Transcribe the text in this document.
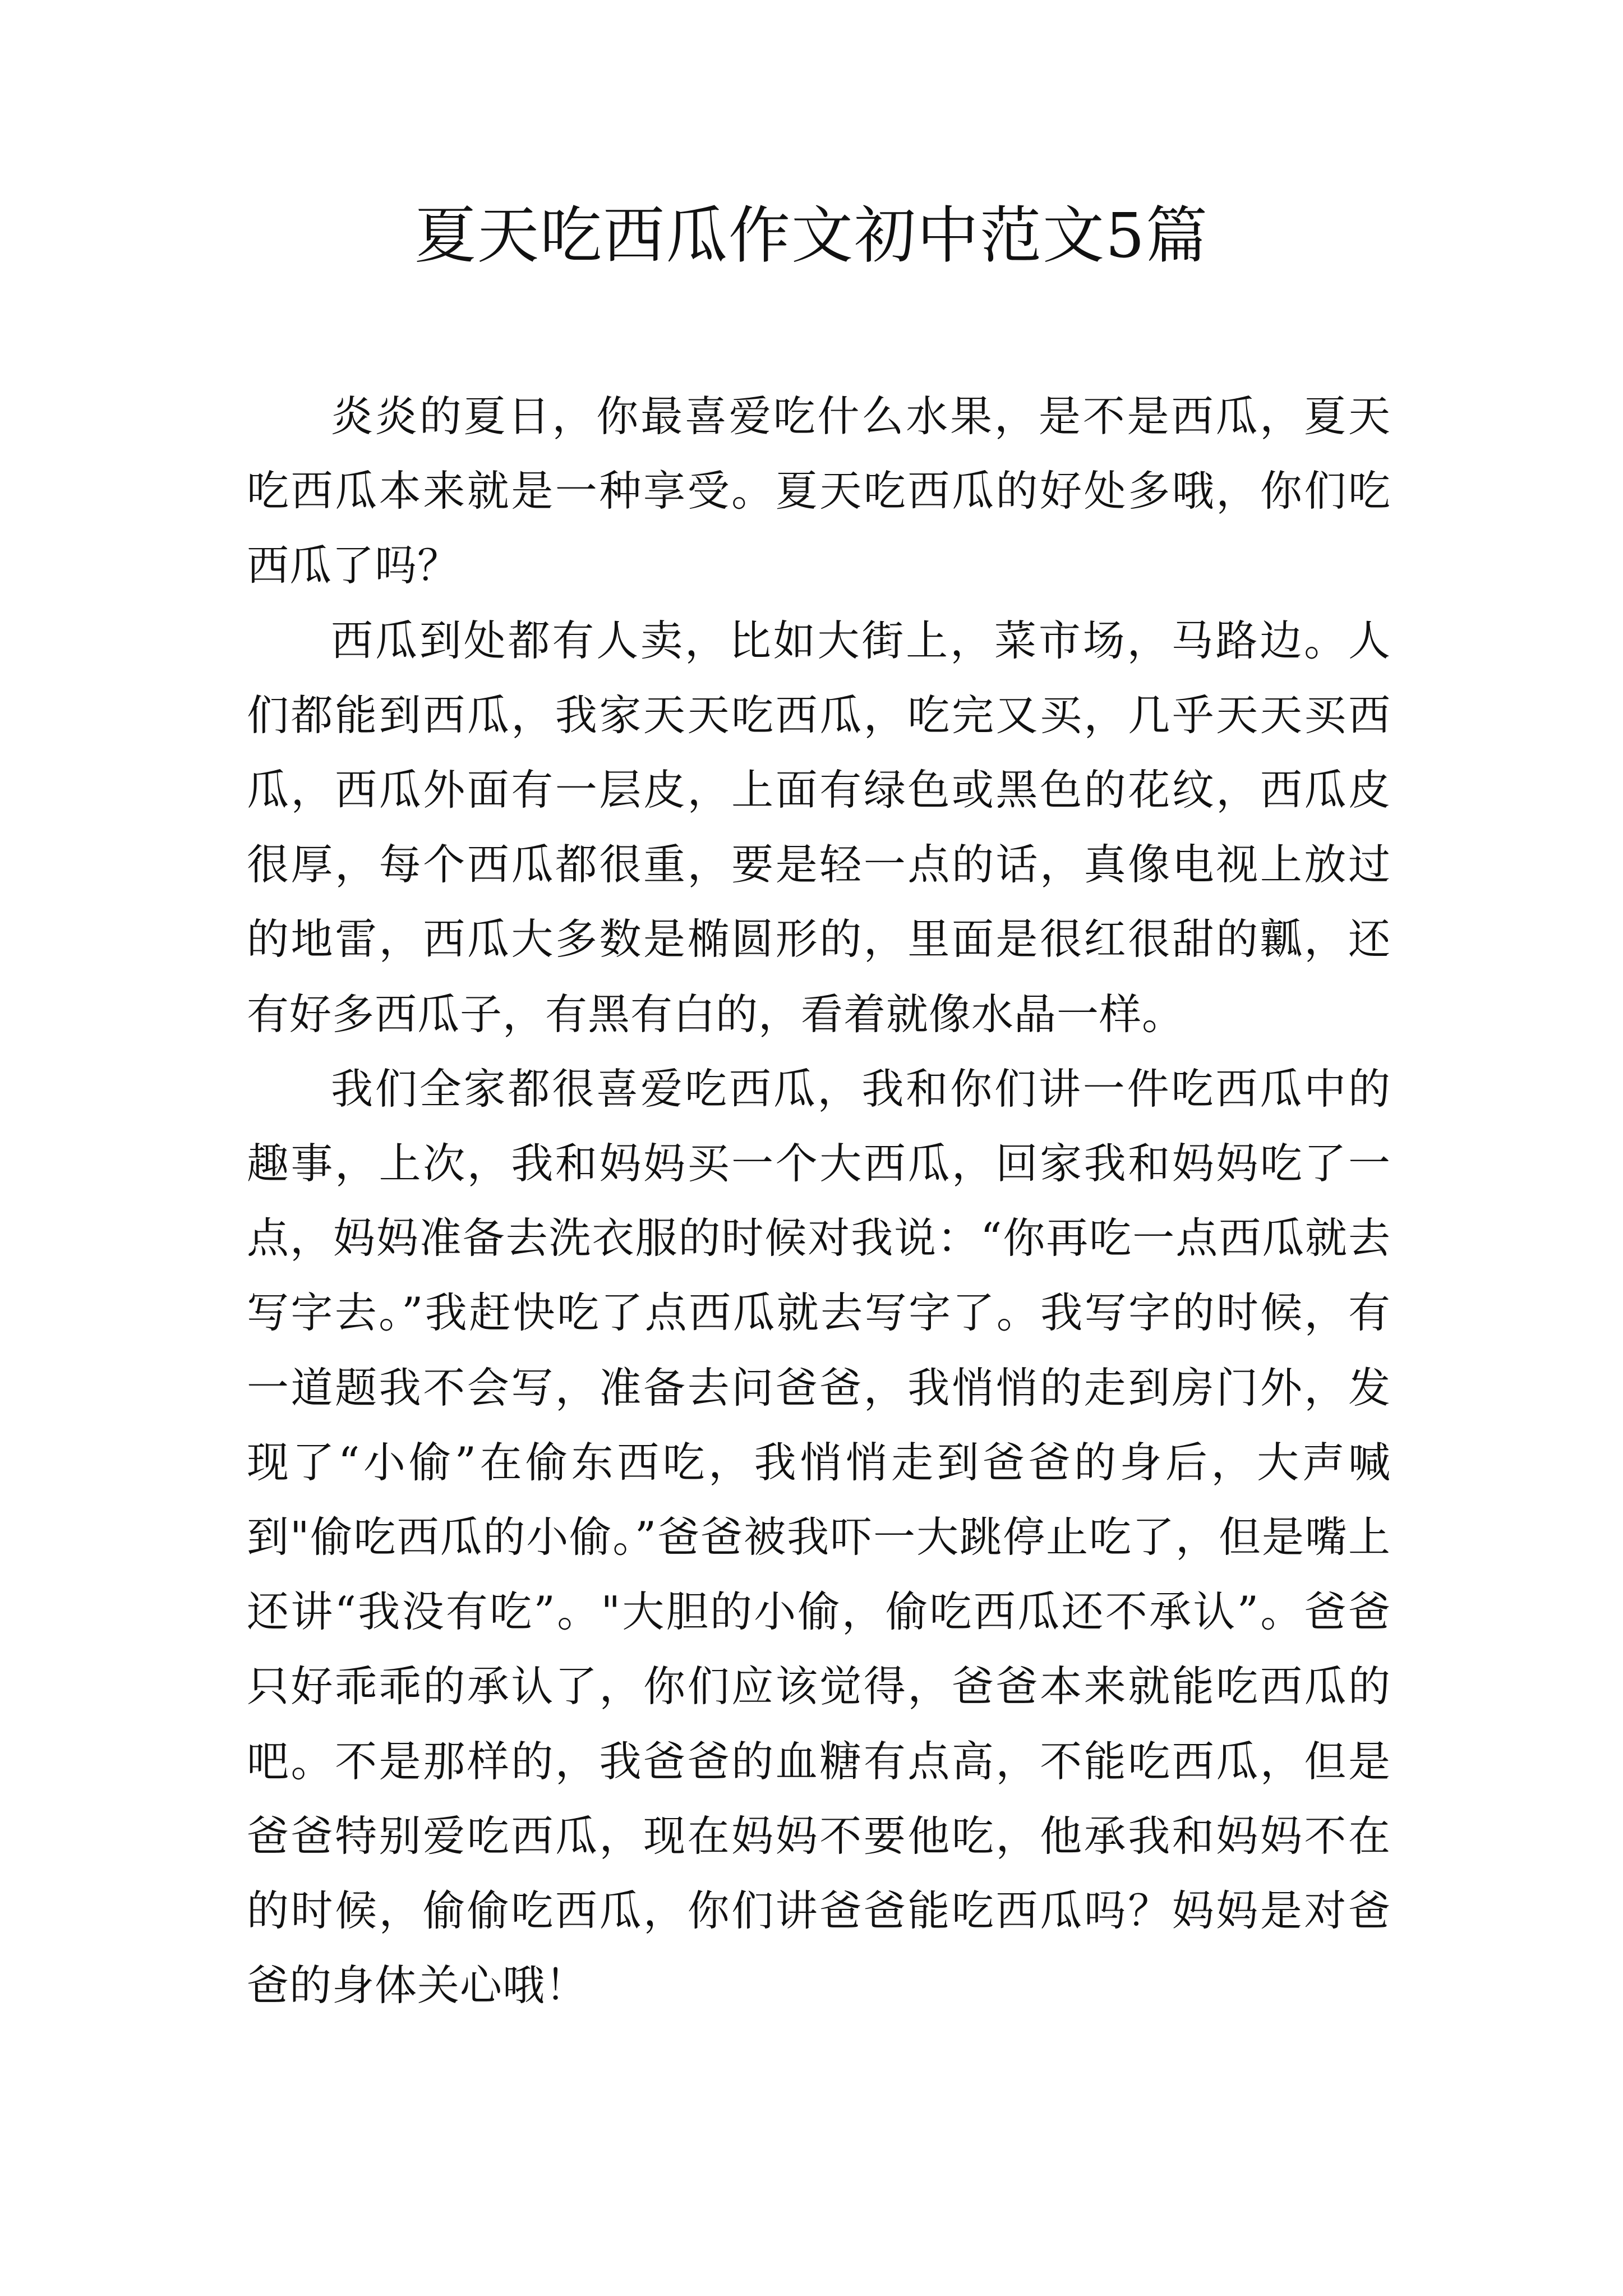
夏天吃西瓜作文初中范文5篇

炎炎的夏日，你最喜爱吃什么水果，是不是西瓜，夏天吃西瓜本来就是一种享受。夏天吃西瓜的好处多哦，你们吃西瓜了吗？

西瓜到处都有人卖，比如大街上，菜市场，马路边。人们都能到西瓜，我家天天吃西瓜，吃完又买，几乎天天买西瓜，西瓜外面有一层皮，上面有绿色或黑色的花纹，西瓜皮很厚，每个西瓜都很重，要是轻一点的话，真像电视上放过的地雷，西瓜大多数是椭圆形的，里面是很红很甜的瓤，还有好多西瓜子，有黑有白的，看着就像水晶一样。

我们全家都很喜爱吃西瓜，我和你们讲一件吃西瓜中的趣事，上次，我和妈妈买一个大西瓜，回家我和妈妈吃了一点，妈妈准备去洗衣服的时候对我说：“你再吃一点西瓜就去写字去。”我赶快吃了点西瓜就去写字了。我写字的时候，有一道题我不会写，准备去问爸爸，我悄悄的走到房门外，发现了“小偷”在偷东西吃，我悄悄走到爸爸的身后，大声喊到"偷吃西瓜的小偷。”爸爸被我吓一大跳停止吃了，但是嘴上还讲“我没有吃”。"大胆的小偷，偷吃西瓜还不承认”。爸爸只好乖乖的承认了，你们应该觉得，爸爸本来就能吃西瓜的吧。不是那样的，我爸爸的血糖有点高，不能吃西瓜，但是爸爸特别爱吃西瓜，现在妈妈不要他吃，他承我和妈妈不在的时候，偷偷吃西瓜，你们讲爸爸能吃西瓜吗？妈妈是对爸爸的身体关心哦！
